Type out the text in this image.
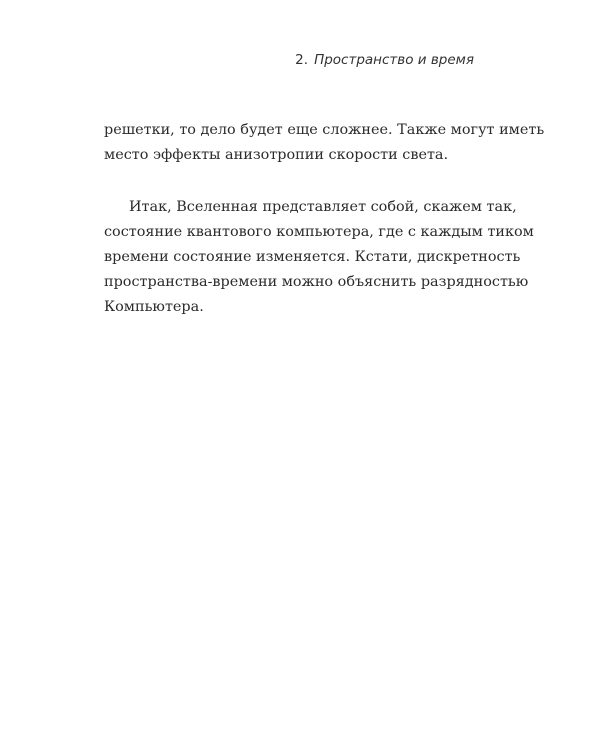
2. Пространство и время
решетки, то дело будет еще сложнее. Также могут иметь
место эффекты анизотропии скорости света.
Итак, Вселенная представляет собой, скажем так,
состояние квантового компьютера, где с каждым тиком
времени состояние изменяется. Кстати, дискретность
пространства-времени можно объяснить разрядностью
Компьютера.
